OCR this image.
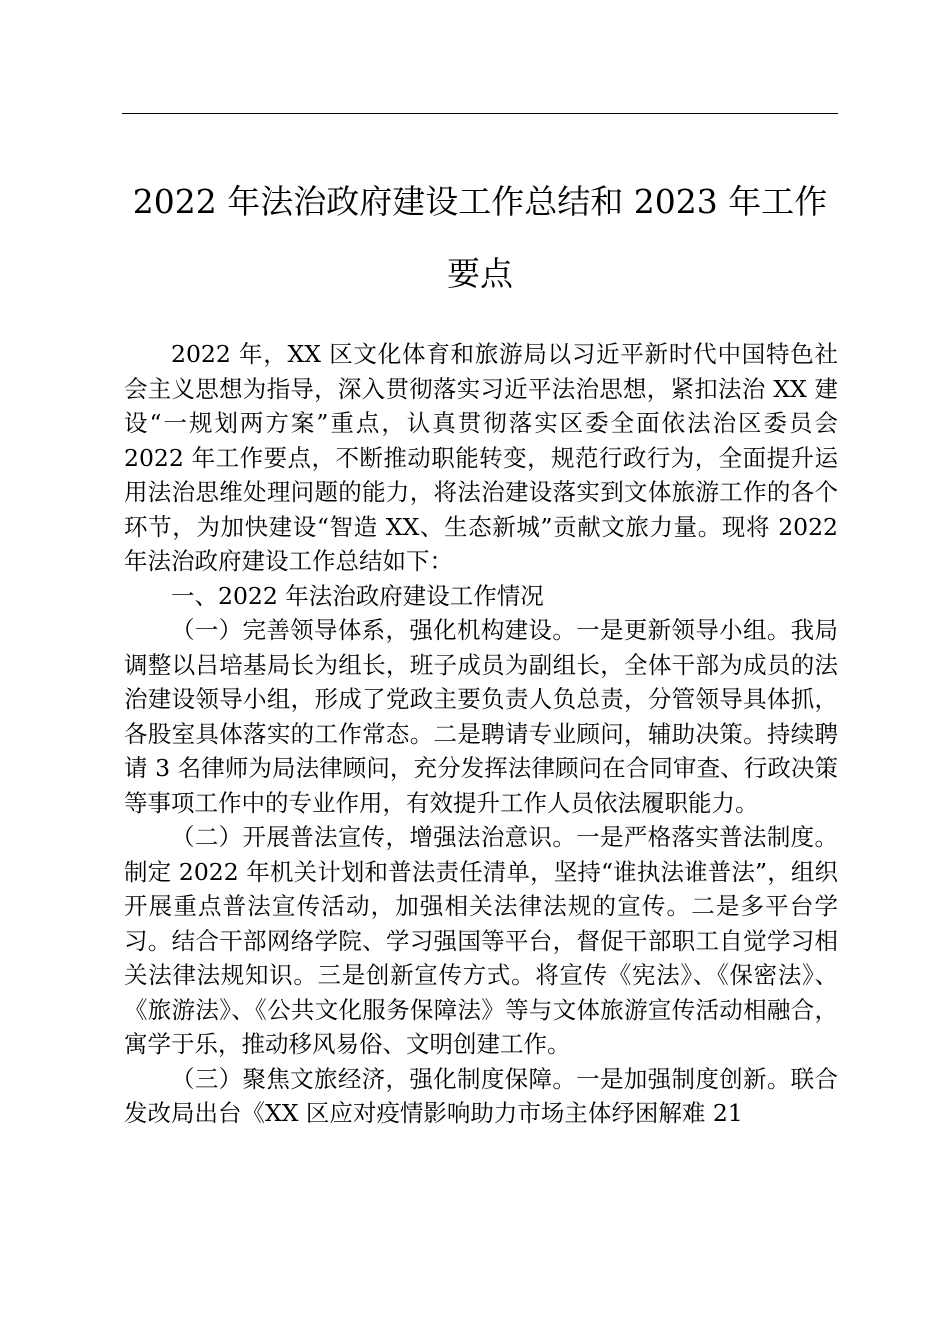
2022 年法治政府建设工作总结和 2023 年工作
要点

2022 年，XX 区文化体育和旅游局以习近平新时代中国特色社会主义思想为指导，深入贯彻落实习近平法治思想，紧扣法治 XX 建设“一规划两方案”重点，认真贯彻落实区委全面依法治区委员会 2022 年工作要点，不断推动职能转变，规范行政行为，全面提升运用法治思维处理问题的能力，将法治建设落实到文体旅游工作的各个环节，为加快建设“智造 XX、生态新城”贡献文旅力量。现将 2022 年法治政府建设工作总结如下：

一、2022 年法治政府建设工作情况

（一）完善领导体系，强化机构建设。一是更新领导小组。我局调整以吕培基局长为组长，班子成员为副组长，全体干部为成员的法治建设领导小组，形成了党政主要负责人负总责，分管领导具体抓，各股室具体落实的工作常态。二是聘请专业顾问，辅助决策。持续聘请 3 名律师为局法律顾问，充分发挥法律顾问在合同审查、行政决策等事项工作中的专业作用，有效提升工作人员依法履职能力。

（二）开展普法宣传，增强法治意识。一是严格落实普法制度。制定 2022 年机关计划和普法责任清单，坚持“谁执法谁普法”，组织开展重点普法宣传活动，加强相关法律法规的宣传。二是多平台学习。结合干部网络学院、学习强国等平台，督促干部职工自觉学习相关法律法规知识。三是创新宣传方式。将宣传《宪法》、《保密法》、《旅游法》、《公共文化服务保障法》等与文体旅游宣传活动相融合，寓学于乐，推动移风易俗、文明创建工作。

（三）聚焦文旅经济，强化制度保障。一是加强制度创新。联合发改局出台《XX 区应对疫情影响助力市场主体纾困解难 21
